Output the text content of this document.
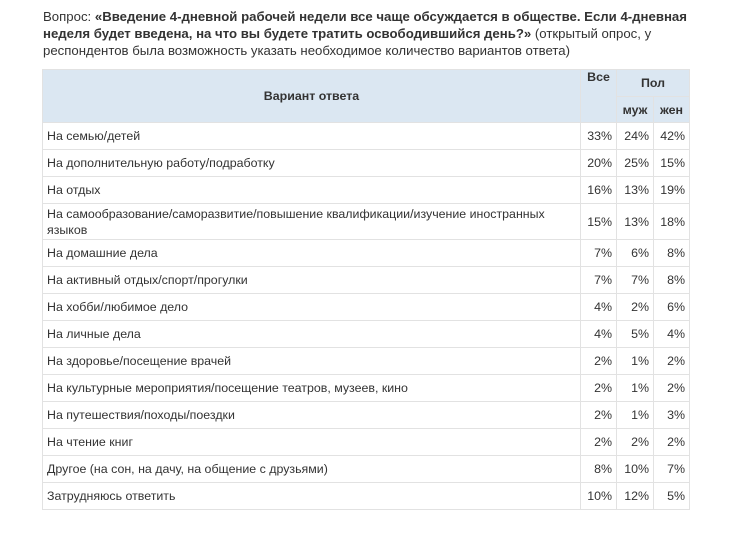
Вопрос: «Введение 4-дневной рабочей недели все чаще обсуждается в обществе. Если 4-дневная неделя будет введена, на что вы будете тратить освободившийся день?» (открытый опрос, у респондентов была возможность указать необходимое количество вариантов ответа)
Вариант ответа	Все	Пол	
		муж	жен
На семью/детей	33%	24%	42%
На дополнительную работу/подработку	20%	25%	15%
На отдых	16%	13%	19%
На самообразование/саморазвитие/повышение квалификации/изучение иностранных языков	15%	13%	18%
На домашние дела	7%	6%	8%
На активный отдых/спорт/прогулки	7%	7%	8%
На хобби/любимое дело	4%	2%	6%
На личные дела	4%	5%	4%
На здоровье/посещение врачей	2%	1%	2%
На культурные мероприятия/посещение театров, музеев, кино	2%	1%	2%
На путешествия/походы/поездки	2%	1%	3%
На чтение книг	2%	2%	2%
Другое (на сон, на дачу, на общение с друзьями)	8%	10%	7%
Затрудняюсь ответить	10%	12%	5%
